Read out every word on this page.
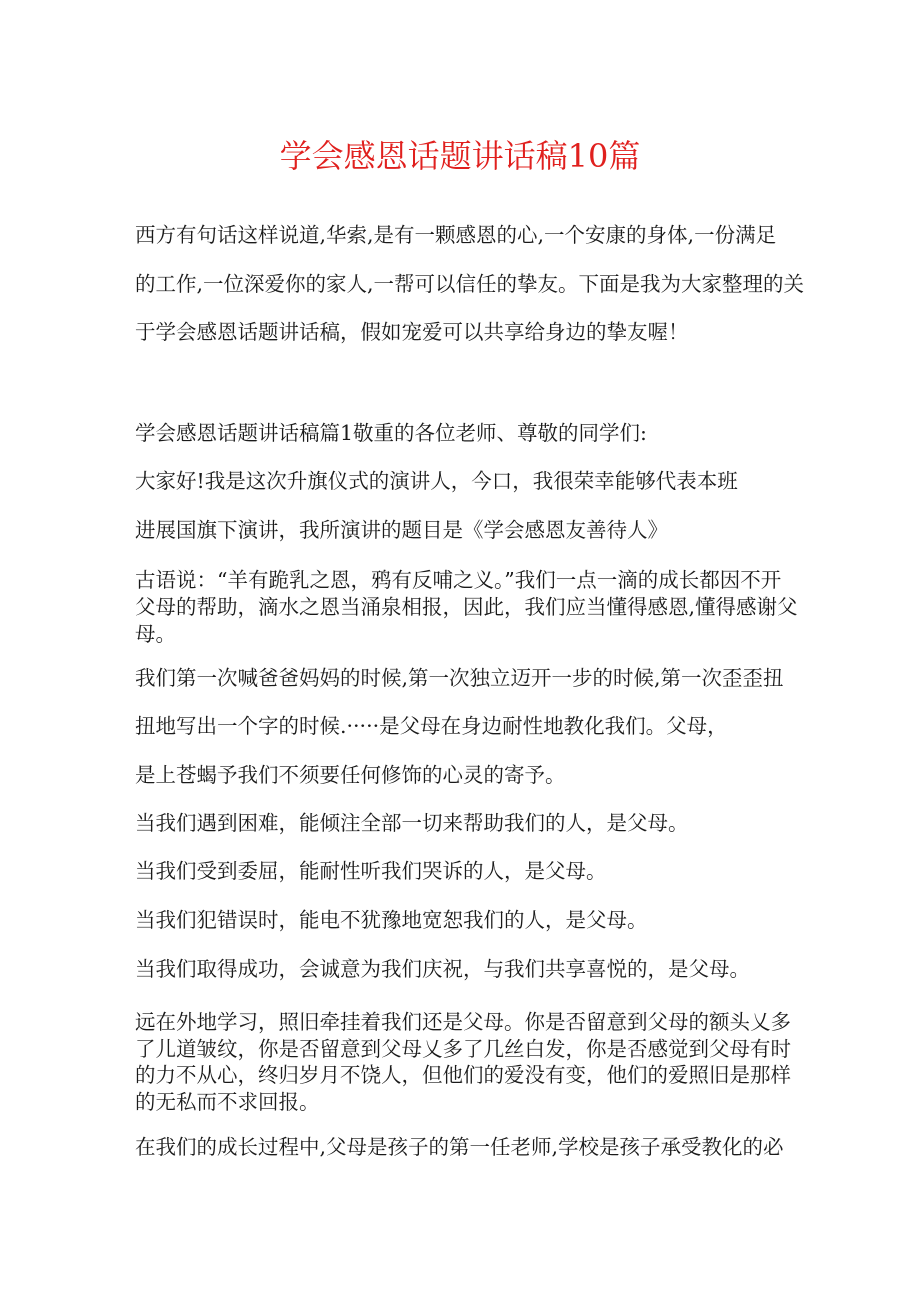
学会感恩话题讲话稿10篇
西方有句话这样说道,华索,是有一颗感恩的心,一个安康的身体,一份满足
的工作,一位深爱你的家人,一帮可以信任的挚友。下面是我为大家整理的关
于学会感恩话题讲话稿，假如宠爱可以共享给身边的挚友喔！
学会感恩话题讲话稿篇1敬重的各位老师、尊敬的同学们:
大家好!我是这次升旗仪式的演讲人，今口，我很荣幸能够代表本班
进展国旗下演讲，我所演讲的题目是《学会感恩友善待人》
古语说：“羊有跪乳之恩，鸦有反哺之义。”我们一点一滴的成长都因不开
父母的帮助，滴水之恩当涌泉相报，因此，我们应当懂得感恩,懂得感谢父
母。
我们第一次喊爸爸妈妈的时候,第一次独立迈开一步的时候,第一次歪歪扭
扭地写出一个字的时候.·····是父母在身边耐性地教化我们。父母，
是上苍蝎予我们不须要任何修饰的心灵的寄予。
当我们遇到困难，能倾注全部一切来帮助我们的人，是父母。
当我们受到委屈，能耐性听我们哭诉的人，是父母。
当我们犯错误时，能电不犹豫地宽恕我们的人，是父母。
当我们取得成功，会诚意为我们庆祝，与我们共享喜悦的，是父母。
远在外地学习，照旧牵挂着我们还是父母。你是否留意到父母的额头乂多
了儿道皱纹，你是否留意到父母乂多了几丝白发，你是否感觉到父母有时
的力不从心，终归岁月不饶人，但他们的爱没有变，他们的爱照旧是那样
的无私而不求回报。
在我们的成长过程中,父母是孩子的第一任老师,学校是孩子承受教化的必
